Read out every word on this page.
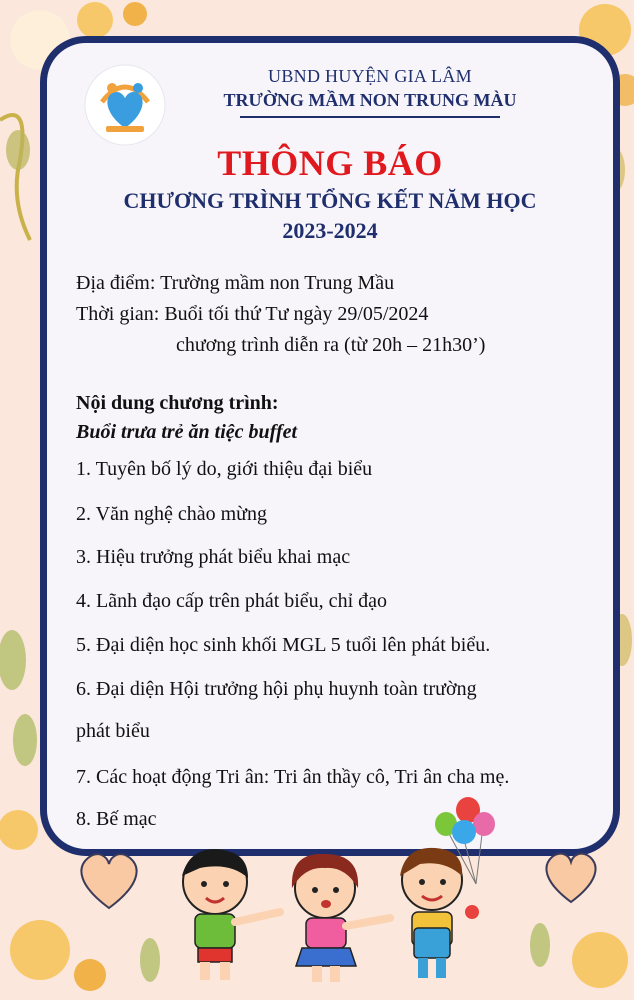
UBND HUYỆN GIA LÂM
TRƯỜNG MẦM NON TRUNG MÀU
THÔNG BÁO
CHƯƠNG TRÌNH TỔNG KẾT NĂM HỌC
2023-2024
Địa điểm: Trường mầm non Trung Mầu
Thời gian: Buổi tối thứ Tư ngày 29/05/2024
chương trình diễn ra (từ 20h – 21h30’)
Nội dung chương trình:
Buổi trưa trẻ ăn tiệc buffet
1. Tuyên bố lý do, giới thiệu đại biểu
2. Văn nghệ chào mừng
3. Hiệu trưởng phát biểu khai mạc
4. Lãnh đạo cấp trên phát biểu, chỉ đạo
5. Đại diện học sinh khối MGL 5 tuổi lên phát biểu.
6. Đại diện Hội trưởng hội phụ huynh toàn trường
phát biểu
7. Các hoạt động Tri ân: Tri ân thầy cô, Tri ân cha mẹ.
8. Bế mạc
